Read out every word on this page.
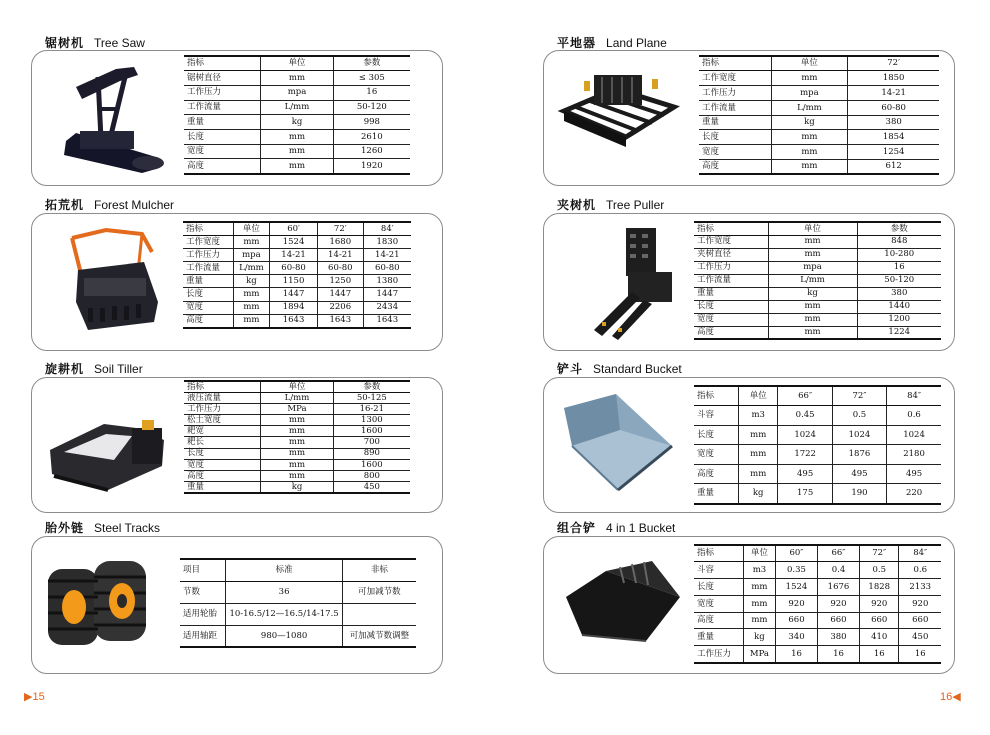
锯树机 Tree Saw
拓荒机 Forest Mulcher
旋耕机 Soil Tiller
胎外链 Steel Tracks
平地器 Land Plane
夹树机 Tree Puller
铲斗 Standard Bucket
组合铲 4 in 1 Bucket
指标	单位	参数
锯树直径	mm	≤ 305
工作压力	mpa	16
工作流量	L/mm	50-120
重量	kg	998
长度	mm	2610
宽度	mm	1260
高度	mm	1920
指标	单位	72′
工作宽度	mm	1850
工作压力	mpa	14-21
工作流量	L/mm	60-80
重量	kg	380
长度	mm	1854
宽度	mm	1254
高度	mm	612
指标	单位	60′	72′	84′
工作宽度	mm	1524	1680	1830
工作压力	mpa	14-21	14-21	14-21
工作流量	L/mm	60-80	60-80	60-80
重量	kg	1150	1250	1380
长度	mm	1447	1447	1447
宽度	mm	1894	2206	2434
高度	mm	1643	1643	1643
指标	单位	参数
工作宽度	mm	848
夹树直径	mm	10-280
工作压力	mpa	16
工作流量	L/mm	50-120
重量	kg	380
长度	mm	1440
宽度	mm	1200
高度	mm	1224
指标	单位	参数
液压流量	L/mm	50-125
工作压力	MPa	16-21
松土宽度	mm	1300
耙宽	mm	1600
耙长	mm	700
长度	mm	890
宽度	mm	1600
高度	mm	800
重量	kg	450
指标	单位	66″	72″	84″
斗容	m3	0.45	0.5	0.6
长度	mm	1024	1024	1024
宽度	mm	1722	1876	2180
高度	mm	495	495	495
重量	kg	175	190	220
项目	标准	非标
节数	36	可加减节数
适用轮胎	10-16.5/12—16.5/14-17.5	
适用轴距	980—1080	可加减节数调整
指标	单位	60″	66″	72″	84″
斗容	m3	0.35	0.4	0.5	0.6
长度	mm	1524	1676	1828	2133
宽度	mm	920	920	920	920
高度	mm	660	660	660	660
重量	kg	340	380	410	450
工作压力	MPa	16	16	16	16
▶15	16◀
